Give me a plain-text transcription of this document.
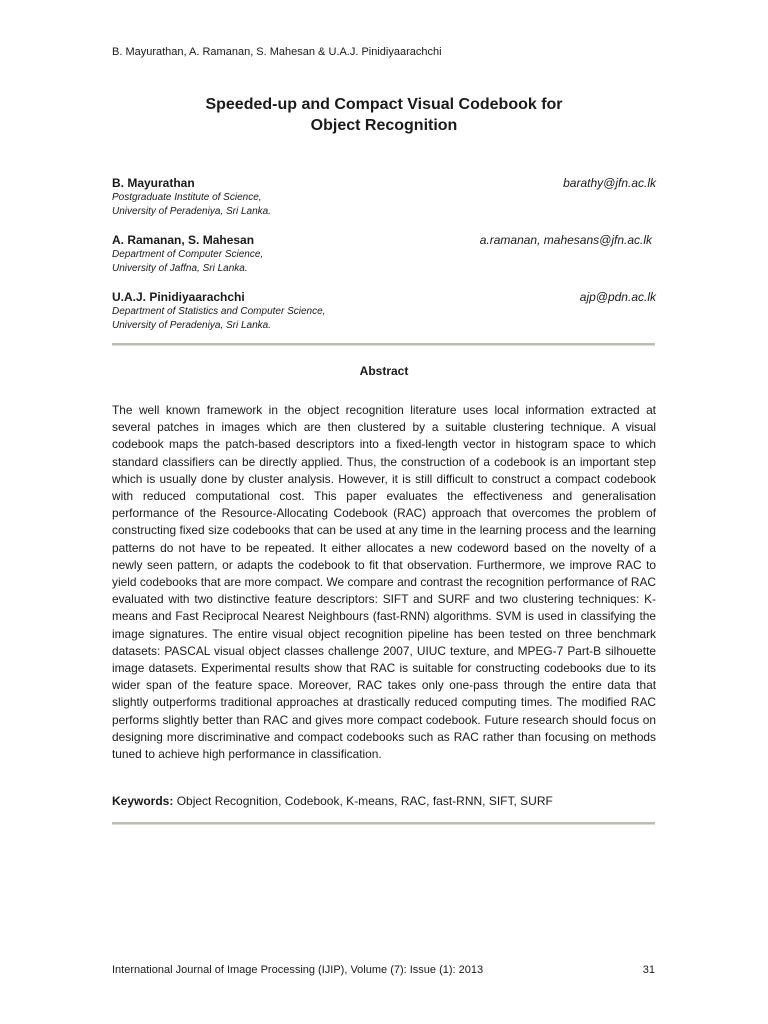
B. Mayurathan, A. Ramanan, S. Mahesan & U.A.J. Pinidiyaarachchi
Speeded-up and Compact Visual Codebook for
Object Recognition
B. Mayurathan	barathy@jfn.ac.lk
Postgraduate Institute of Science,
University of Peradeniya, Sri Lanka.
A. Ramanan, S. Mahesan	a.ramanan, mahesans@jfn.ac.lk
Department of Computer Science,
University of Jaffna, Sri Lanka.
U.A.J. Pinidiyaarachchi	ajp@pdn.ac.lk
Department of Statistics and Computer Science,
University of Peradeniya, Sri Lanka.
Abstract
The well known framework in the object recognition literature uses local information extracted at several patches in images which are then clustered by a suitable clustering technique. A visual codebook maps the patch-based descriptors into a fixed-length vector in histogram space to which standard classifiers can be directly applied. Thus, the construction of a codebook is an important step which is usually done by cluster analysis. However, it is still difficult to construct a compact codebook with reduced computational cost. This paper evaluates the effectiveness and generalisation performance of the Resource-Allocating Codebook (RAC) approach that overcomes the problem of constructing fixed size codebooks that can be used at any time in the learning process and the learning patterns do not have to be repeated. It either allocates a new codeword based on the novelty of a newly seen pattern, or adapts the codebook to fit that observation. Furthermore, we improve RAC to yield codebooks that are more compact. We compare and contrast the recognition performance of RAC evaluated with two distinctive feature descriptors: SIFT and SURF and two clustering techniques: K-means and Fast Reciprocal Nearest Neighbours (fast-RNN) algorithms. SVM is used in classifying the image signatures. The entire visual object recognition pipeline has been tested on three benchmark datasets: PASCAL visual object classes challenge 2007, UIUC texture, and MPEG-7 Part-B silhouette image datasets. Experimental results show that RAC is suitable for constructing codebooks due to its wider span of the feature space. Moreover, RAC takes only one-pass through the entire data that slightly outperforms traditional approaches at drastically reduced computing times. The modified RAC performs slightly better than RAC and gives more compact codebook. Future research should focus on designing more discriminative and compact codebooks such as RAC rather than focusing on methods tuned to achieve high performance in classification.
Keywords: Object Recognition, Codebook, K-means, RAC, fast-RNN, SIFT, SURF
International Journal of Image Processing (IJIP), Volume (7): Issue (1): 2013	31
